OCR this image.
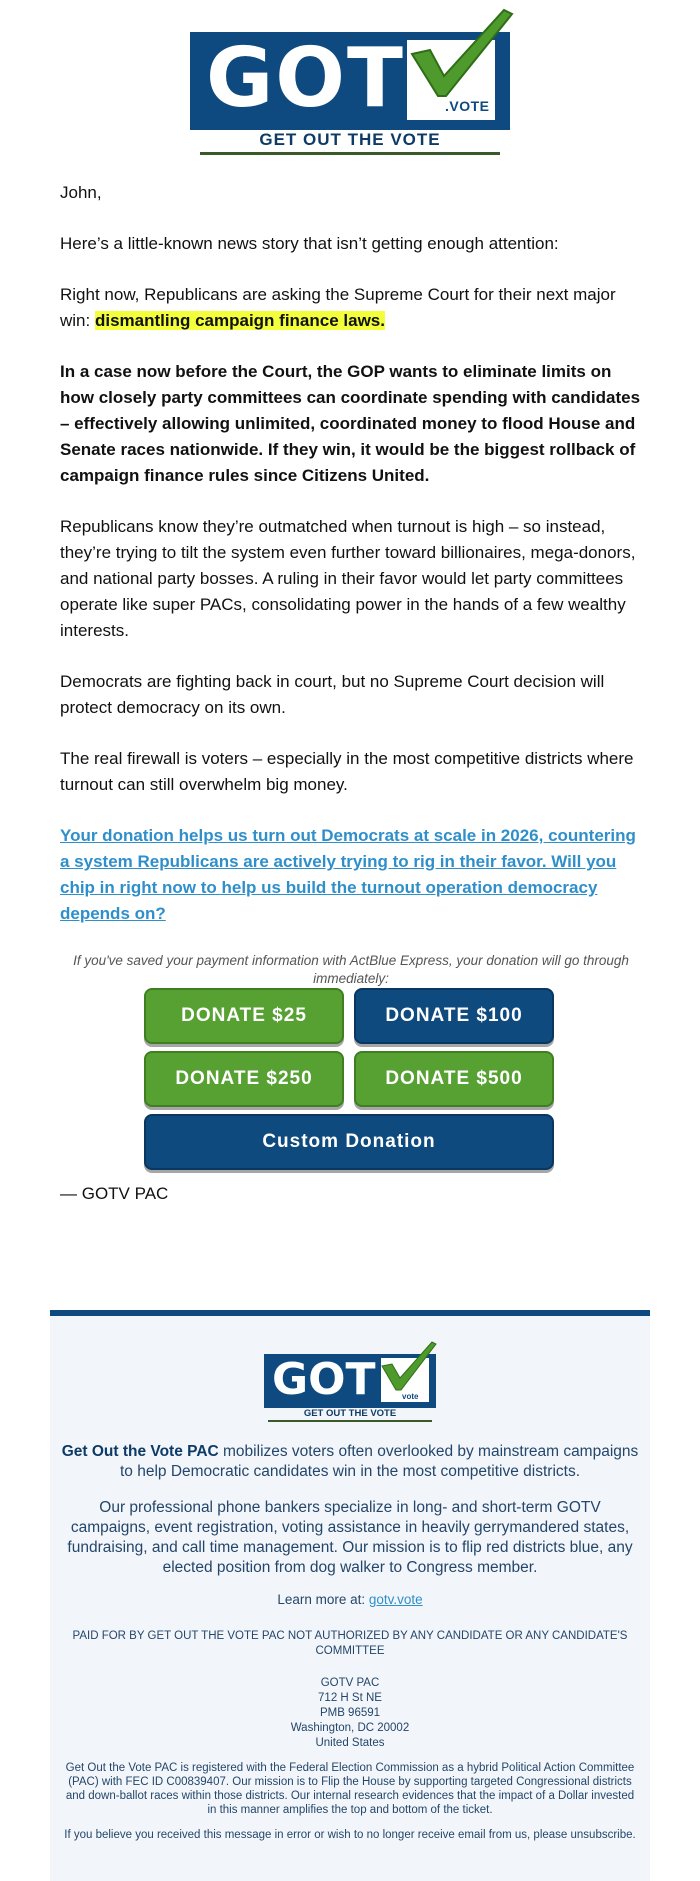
GOT	.VOTE
GET OUT THE VOTE

John,

Here’s a little-known news story that isn’t getting enough attention:

Right now, Republicans are asking the Supreme Court for their next major win: dismantling campaign finance laws.

In a case now before the Court, the GOP wants to eliminate limits on how closely party committees can coordinate spending with candidates – effectively allowing unlimited, coordinated money to flood House and Senate races nationwide. If they win, it would be the biggest rollback of campaign finance rules since Citizens United.

Republicans know they’re outmatched when turnout is high – so instead, they’re trying to tilt the system even further toward billionaires, mega-donors, and national party bosses. A ruling in their favor would let party committees operate like super PACs, consolidating power in the hands of a few wealthy interests.

Democrats are fighting back in court, but no Supreme Court decision will protect democracy on its own.

The real firewall is voters – especially in the most competitive districts where turnout can still overwhelm big money.

Your donation helps us turn out Democrats at scale in 2026, countering a system Republicans are actively trying to rig in their favor. Will you chip in right now to help us build the turnout operation democracy depends on?

If you've saved your payment information with ActBlue Express, your donation will go through immediately:

DONATE $25	DONATE $100
DONATE $250	DONATE $500
Custom Donation
— GOTV PAC
GOT	vote
GET OUT THE VOTE
Get Out the Vote PAC mobilizes voters often overlooked by mainstream campaigns to help Democratic candidates win in the most competitive districts.
Our professional phone bankers specialize in long- and short-term GOTV campaigns, event registration, voting assistance in heavily gerrymandered states, fundraising, and call time management. Our mission is to flip red districts blue, any elected position from dog walker to Congress member.
Learn more at: gotv.vote
PAID FOR BY GET OUT THE VOTE PAC NOT AUTHORIZED BY ANY CANDIDATE OR ANY CANDIDATE'S COMMITTEE
GOTV PAC
712 H St NE
PMB 96591
Washington, DC 20002
United States
Get Out the Vote PAC is registered with the Federal Election Commission as a hybrid Political Action Committee (PAC) with FEC ID C00839407. Our mission is to Flip the House by supporting targeted Congressional districts and down-ballot races within those districts. Our internal research evidences that the impact of a Dollar invested in this manner amplifies the top and bottom of the ticket.
If you believe you received this message in error or wish to no longer receive email from us, please unsubscribe.
